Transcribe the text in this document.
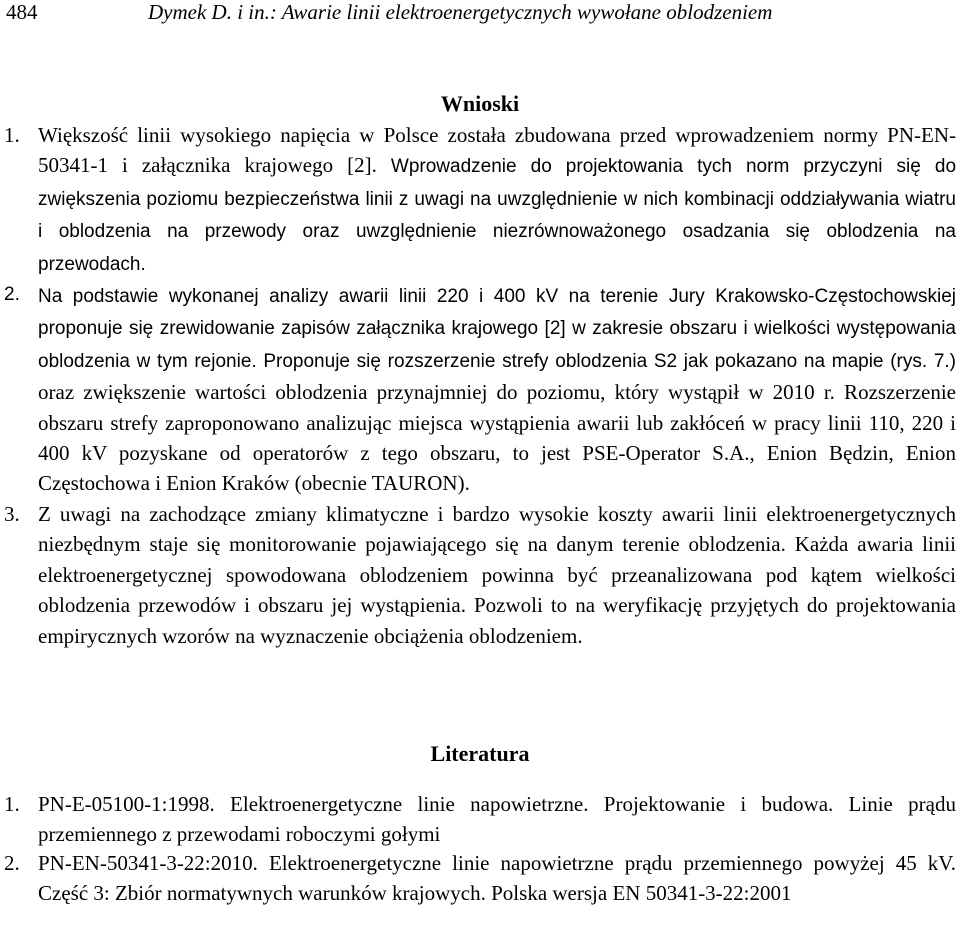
484	Dymek D. i in.: Awarie linii elektroenergetycznych wywołane oblodzeniem
Wnioski
1. Większość linii wysokiego napięcia w Polsce została zbudowana przed wprowadzeniem normy PN-EN-50341-1 i załącznika krajowego [2]. Wprowadzenie do projektowania tych norm przyczyni się do zwiększenia poziomu bezpieczeństwa linii z uwagi na uwzględnienie w nich kombinacji oddziaływania wiatru i oblodzenia na przewody oraz uwzględnienie niezrównoważonego osadzania się oblodzenia na przewodach.
2. Na podstawie wykonanej analizy awarii linii 220 i 400 kV na terenie Jury Krakowsko-Częstochowskiej proponuje się zrewidowanie zapisów załącznika krajowego [2] w zakresie obszaru i wielkości występowania oblodzenia w tym rejonie. Proponuje się rozszerzenie strefy oblodzenia S2 jak pokazano na mapie (rys. 7.) oraz zwiększenie wartości oblodzenia przynajmniej do poziomu, który wystąpił w 2010 r. Rozszerzenie obszaru strefy zaproponowano analizując miejsca wystąpienia awarii lub zakłóceń w pracy linii 110, 220 i 400 kV pozyskane od operatorów z tego obszaru, to jest PSE-Operator S.A., Enion Będzin, Enion Częstochowa i Enion Kraków (obecnie TAURON).
3. Z uwagi na zachodzące zmiany klimatyczne i bardzo wysokie koszty awarii linii elektroenergetycznych niezbędnym staje się monitorowanie pojawiającego się na danym terenie oblodzenia. Każda awaria linii elektroenergetycznej spowodowana oblodzeniem powinna być przeanalizowana pod kątem wielkości oblodzenia przewodów i obszaru jej wystąpienia. Pozwoli to na weryfikację przyjętych do projektowania empirycznych wzorów na wyznaczenie obciążenia oblodzeniem.
Literatura
1. PN-E-05100-1:1998. Elektroenergetyczne linie napowietrzne. Projektowanie i budowa. Linie prądu przemiennego z przewodami roboczymi gołymi
2. PN-EN-50341-3-22:2010. Elektroenergetyczne linie napowietrzne prądu przemiennego powyżej 45 kV. Część 3: Zbiór normatywnych warunków krajowych. Polska wersja EN 50341-3-22:2001
